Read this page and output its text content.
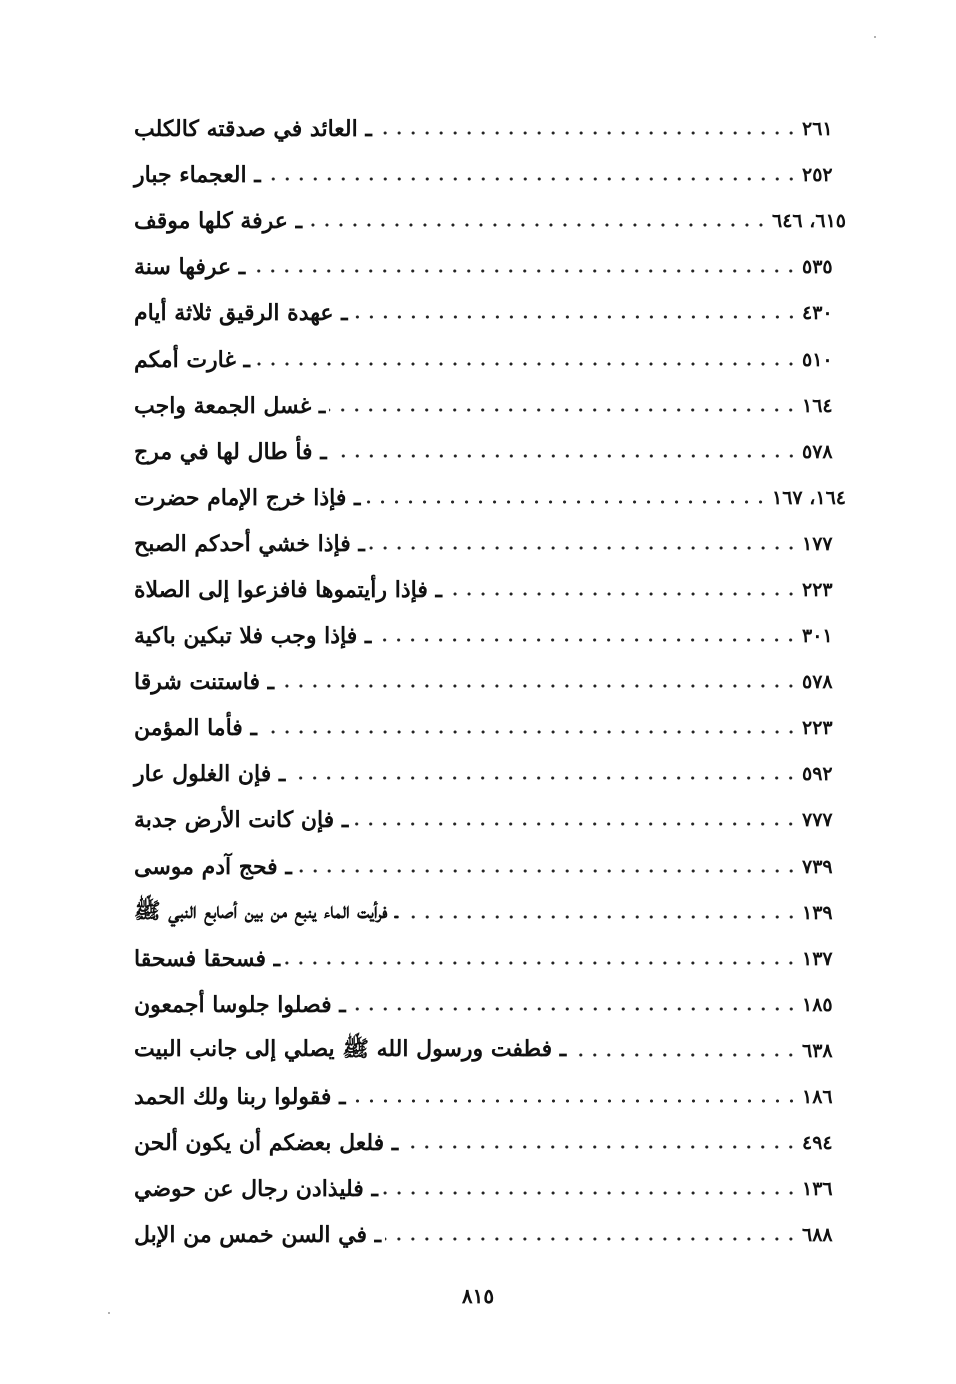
ـ العائد في صدقته كالكلب	٢٦١
ـ العجماء جبار	٢٥٢
ـ عرفة كلها موقف	٦١٥، ٦٤٦
ـ عرفها سنة	٥٣٥
ـ عهدة الرقيق ثلاثة أيام	٤٣٠
ـ غارت أمكم	٥١٠
ـ غسل الجمعة واجب	١٦٤
ـ فأ طال لها في مرج	٥٧٨
ـ فإذا خرج الإمام حضرت	١٦٤، ١٦٧
ـ فإذا خشي أحدكم الصبح	١٧٧
ـ فإذا رأيتموها فافزعوا إلى الصلاة	٢٢٣
ـ فإذا وجب فلا تبكين باكية	٣٠١
ـ فاستنت شرقا	٥٧٨
ـ فأما المؤمن	٢٢٣
ـ فإن الغلول عار	٥٩٢
ـ فإن كانت الأرض جدبة	٧٧٧
ـ فحج آدم موسى	٧٣٩
ـ فرأيت الماء ينبع من بين أصابع النبي ﷺ	١٣٩
ـ فسحقا فسحقا	١٣٧
ـ فصلوا جلوسا أجمعون	١٨٥
ـ فطفت ورسول الله ﷺ يصلي إلى جانب البيت	٦٣٨
ـ فقولوا ربنا ولك الحمد	١٨٦
ـ فلعل بعضكم أن يكون ألحن	٤٩٤
ـ فليذادن رجال عن حوضي	١٣٦
ـ في السن خمس من الإبل	٦٨٨
٨١٥
